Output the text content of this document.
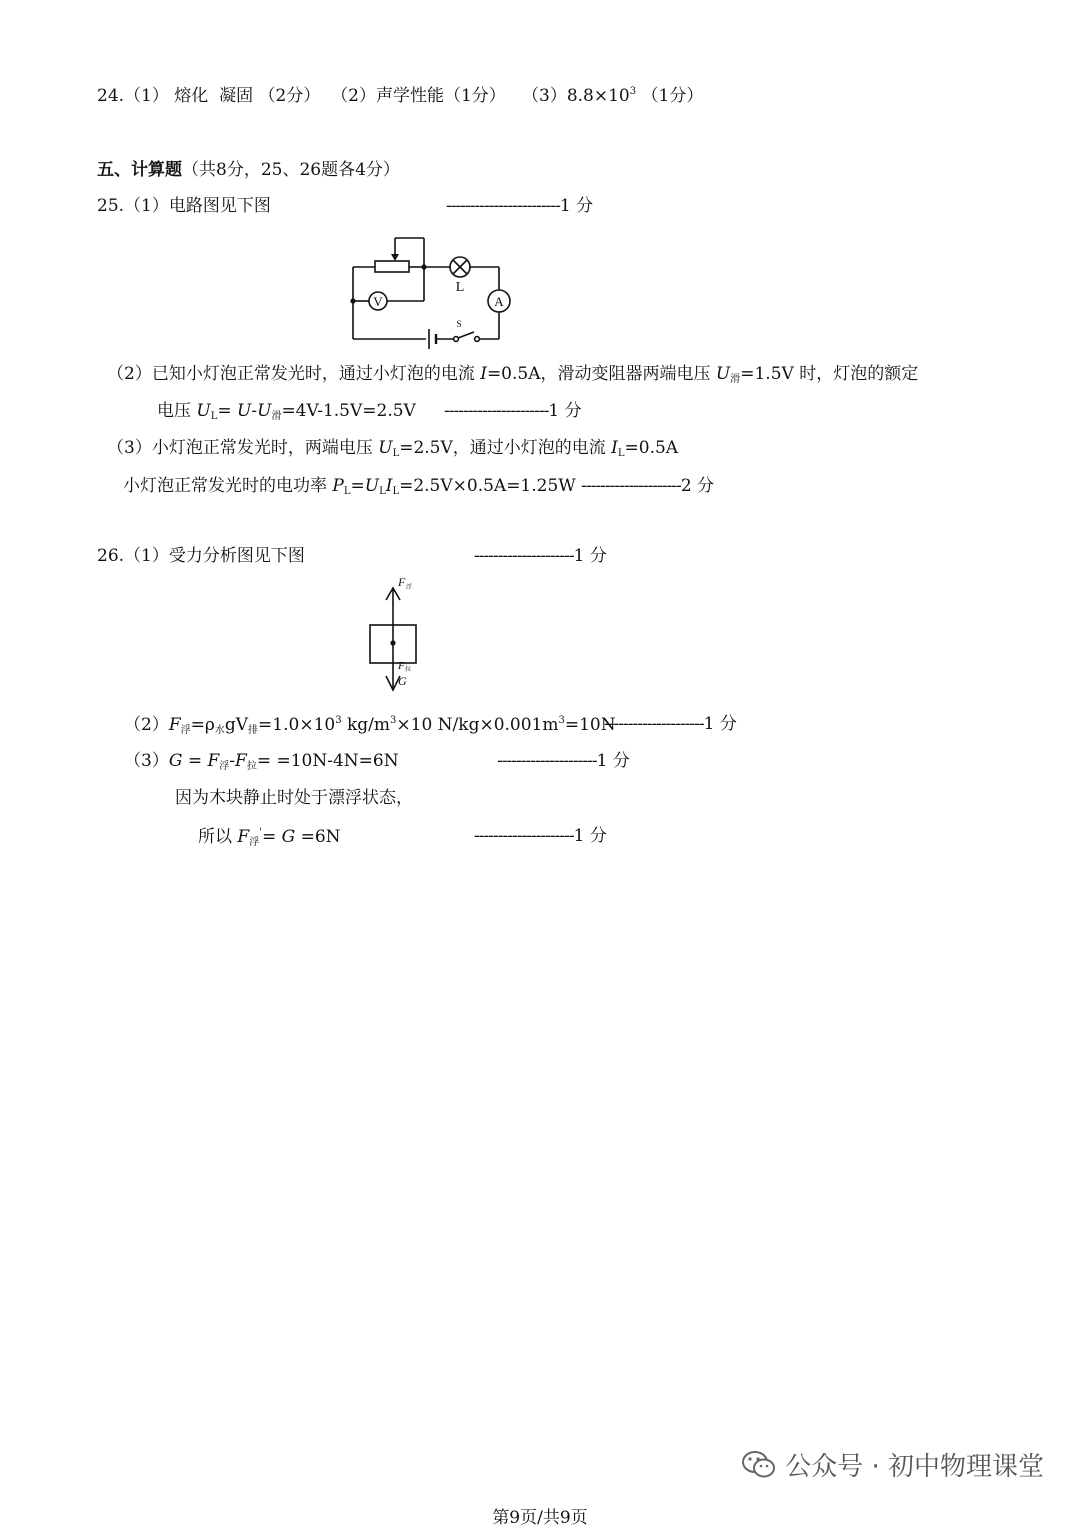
24.（1） 熔化 凝固 （2分） （2）声学性能（1分） $(3)8.8\times 10^3$ （1分）
五、计算题（共8分，25、26题各4分）
25.（1）电路图见下图	------------------------1 分
V	A
L
S
（2）已知小灯泡正常发光时，通过小灯泡的电流 I=0.5A，滑动变阻器两端电压 $U_滑=1.5V$ 时，灯泡的额定
电压 $U_L= U-U_滑=4V-1.5V=2.5V$ ----------------------1 分
（3）小灯泡正常发光时，两端电压 $U_L=2.5V$，通过小灯泡的电流 $I_L=0.5A$
小灯泡正常发光时的电功率 $P_L=U_LI_L=2.5V\times 0.5A=1.25W$ ---------------------2 分
26.（1）受力分析图见下图	---------------------1 分
F 浮
F 拉
G
$(2)F_浮=\rho_水gV_排=1.0\times 10^3$ $kg/m^3\times 10$ $N/kg\times 0.001m^3=10N$
---------------------1 分
$(3)G = F_浮-F_拉= =10N-4N=6N$	---------------------1 分
因为木块静止时处于漂浮状态，
所以 $F_浮'= G =6N$	---------------------1 分
公众号 · 初中物理课堂
第9页/共9页
